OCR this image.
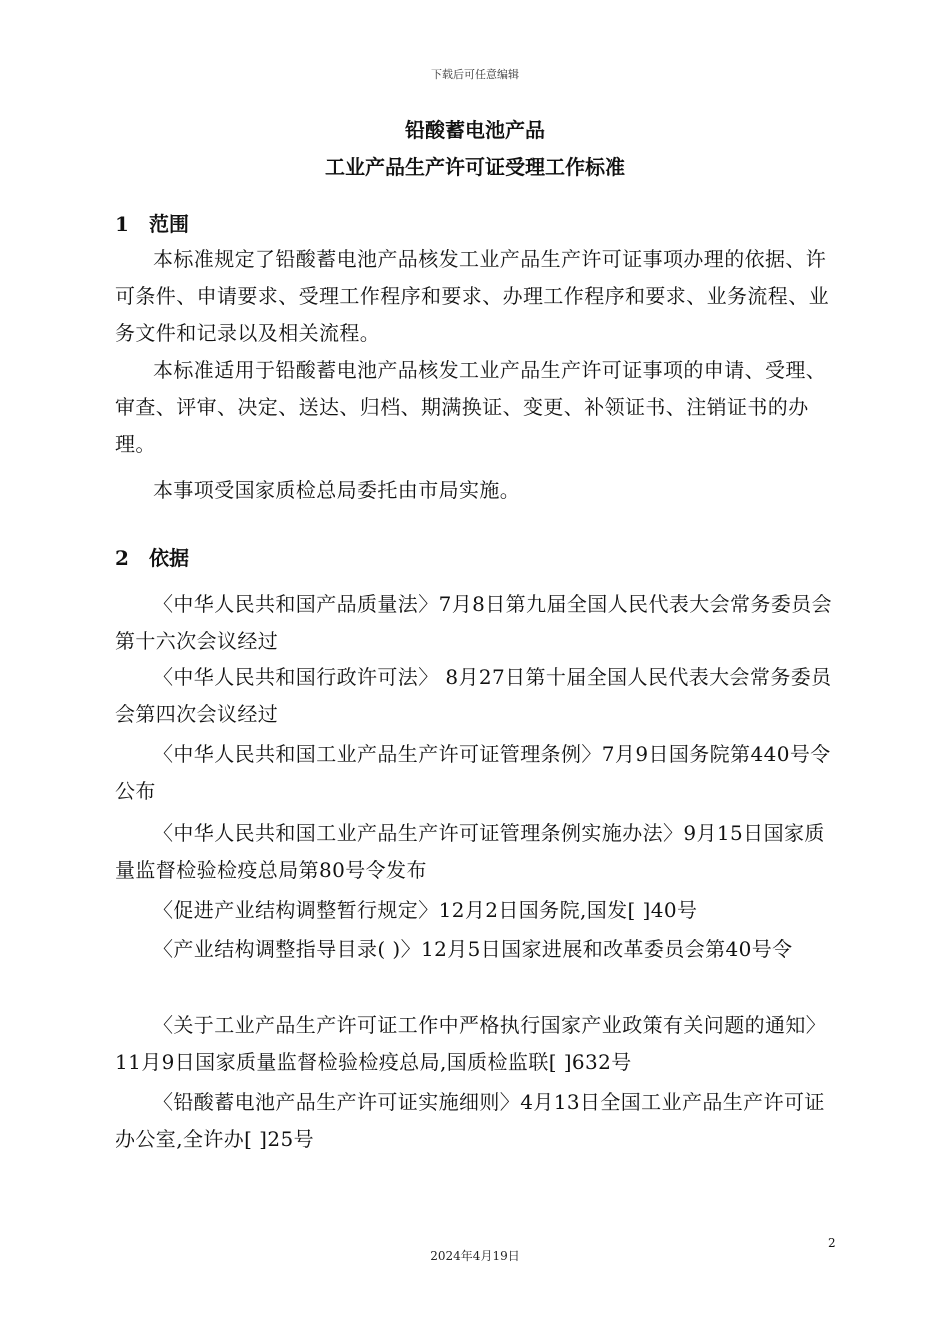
下载后可任意编辑
铅酸蓄电池产品
工业产品生产许可证受理工作标准
1 范围

本标准规定了铅酸蓄电池产品核发工业产品生产许可证事项办理的依据、许可条件、申请要求、受理工作程序和要求、办理工作程序和要求、业务流程、业务文件和记录以及相关流程。

本标准适用于铅酸蓄电池产品核发工业产品生产许可证事项的申请、受理、审查、评审、决定、送达、归档、期满换证、变更、补领证书、注销证书的办理。

本事项受国家质检总局委托由市局实施。

2 依据

〈中华人民共和国产品质量法〉7月8日第九届全国人民代表大会常务委员会第十六次会议经过

〈中华人民共和国行政许可法〉 8月27日第十届全国人民代表大会常务委员会第四次会议经过

〈中华人民共和国工业产品生产许可证管理条例〉7月9日国务院第440号令公布

〈中华人民共和国工业产品生产许可证管理条例实施办法〉9月15日国家质量监督检验检疫总局第80号令发布

〈促进产业结构调整暂行规定〉12月2日国务院,国发[ ]40号

〈产业结构调整指导目录( )〉12月5日国家进展和改革委员会第40号令

〈关于工业产品生产许可证工作中严格执行国家产业政策有关问题的通知〉11月9日国家质量监督检验检疫总局,国质检监联[ ]632号

〈铅酸蓄电池产品生产许可证实施细则〉4月13日全国工业产品生产许可证办公室,全许办[ ]25号

2
2024年4月19日
